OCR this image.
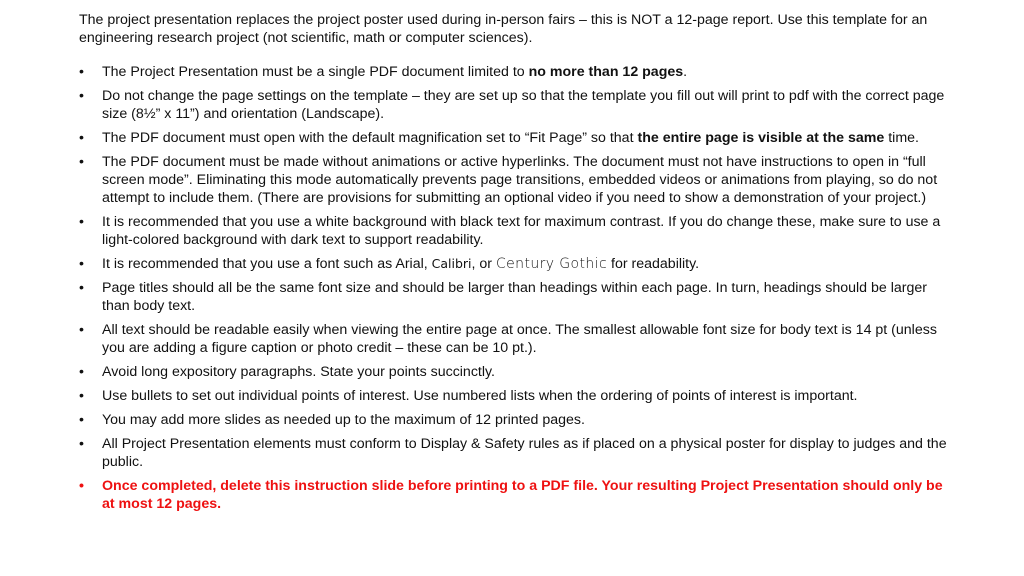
The project presentation replaces the project poster used during in-person fairs – this is NOT a 12-page report. Use this template for an engineering research project (not scientific, math or computer sciences).

• The Project Presentation must be a single PDF document limited to no more than 12 pages.
• Do not change the page settings on the template – they are set up so that the template you fill out will print to pdf with the correct page size (8½” x 11”) and orientation (Landscape).
• The PDF document must open with the default magnification set to “Fit Page” so that the entire page is visible at the same time.
• The PDF document must be made without animations or active hyperlinks. The document must not have instructions to open in “full screen mode”. Eliminating this mode automatically prevents page transitions, embedded videos or animations from playing, so do not attempt to include them. (There are provisions for submitting an optional video if you need to show a demonstration of your project.)
• It is recommended that you use a white background with black text for maximum contrast. If you do change these, make sure to use a light-colored background with dark text to support readability.
• It is recommended that you use a font such as Arial, Calibri, or Century Gothic for readability.
• Page titles should all be the same font size and should be larger than headings within each page. In turn, headings should be larger than body text.
• All text should be readable easily when viewing the entire page at once. The smallest allowable font size for body text is 14 pt (unless you are adding a figure caption or photo credit – these can be 10 pt.).
• Avoid long expository paragraphs. State your points succinctly.
• Use bullets to set out individual points of interest. Use numbered lists when the ordering of points of interest is important.
• You may add more slides as needed up to the maximum of 12 printed pages.
• All Project Presentation elements must conform to Display & Safety rules as if placed on a physical poster for display to judges and the public.
• Once completed, delete this instruction slide before printing to a PDF file. Your resulting Project Presentation should only be at most 12 pages.
